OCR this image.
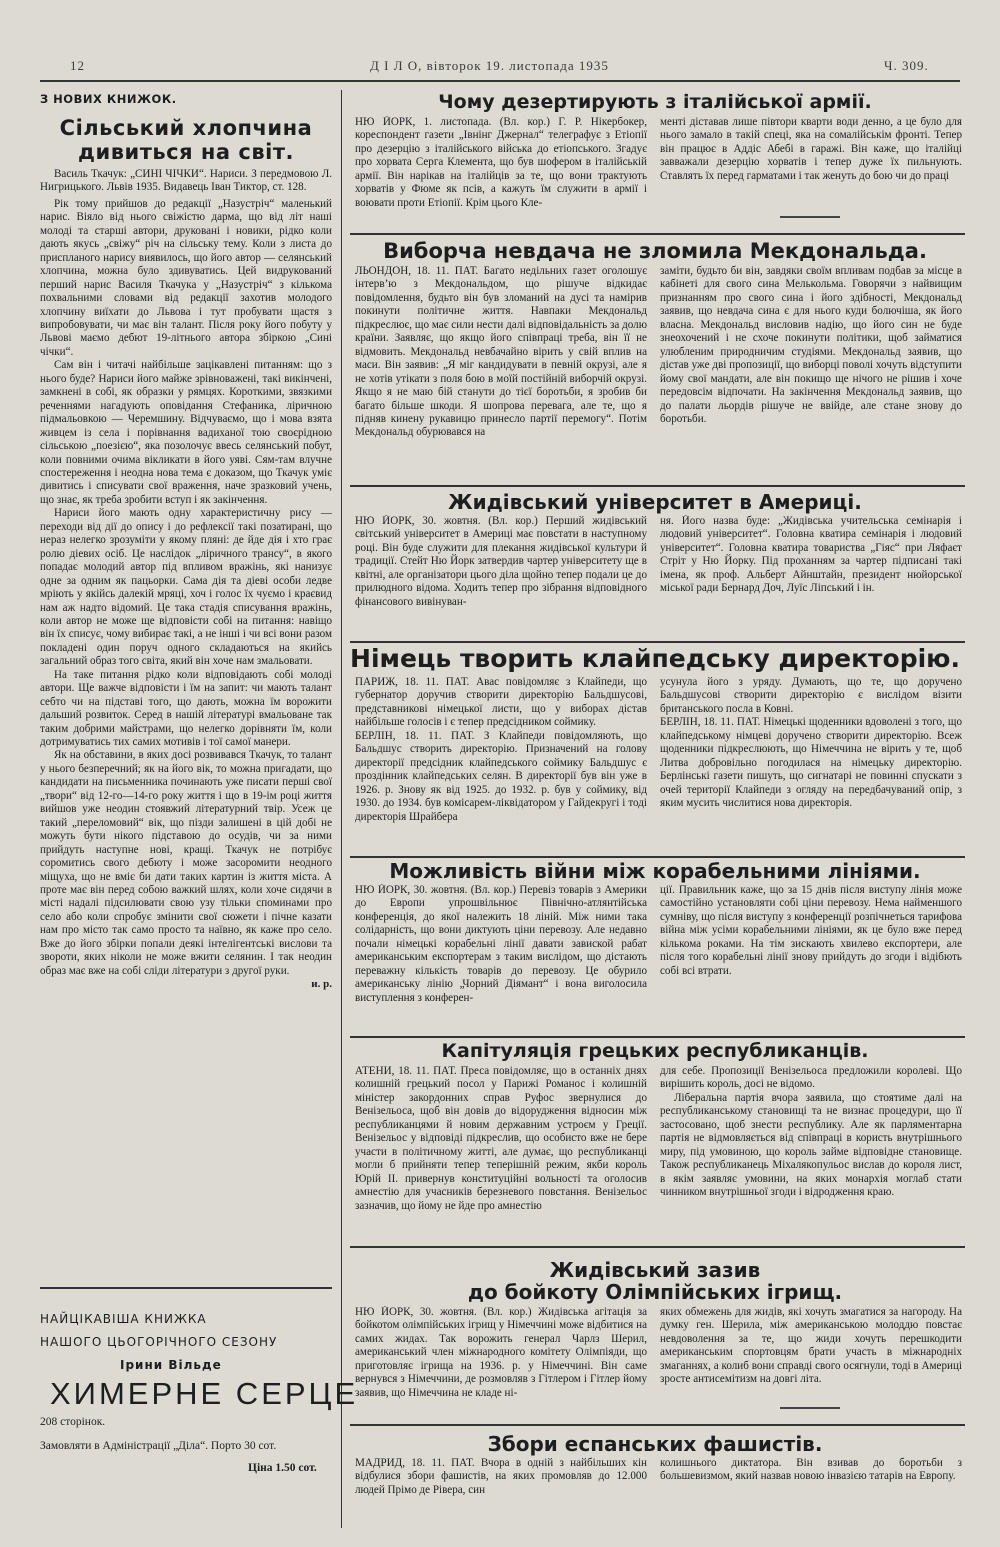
12	Д І Л О, вівторок 19. листопада 1935	Ч. 309.
З НОВИХ КНИЖОК.
Сільський хлопчина
дивиться на світ.

Василь Ткачук: „СИНІ ЧІЧКИ“. Нариси. З передмовою Л. Нигрицького. Львів 1935. Видавець Іван Тиктор, ст. 128.

Рік тому прийшов до редакції „Назустріч“ маленький нарис. Віяло від нього свіжістю дарма, що від літ наші молоді та старші автори, друковані і новики, рідко коли дають якусь „свіжу“ річ на сільську тему. Коли з листа до приспланого нарису виявилось, що його автор — селянський хлопчина, можна було здивуватись. Цей видрукований перший нарис Василя Ткачука у „Назустріч“ з кількома похвальними словами від редакції захотив молодого хлопчину виїхати до Львова і тут пробувати щастя з випробовувати, чи має він талант. Після року його побуту у Львові маємо дебют 19-літнього автора збіркою „Сині чічки“.

Сам він і читачі найбільше зацікавлені питанням: що з нього буде? Нариси його майже зрівноважені, такі викінчені, замкнені в собі, як образки у рямцях. Короткими, звязкими реченнями нагадують оповідання Стефаника, ліричною підмальовкою — Черемшину. Відчуваємо, що і мова взята живцем із села і порівнання вадиханої тою своєрідною сільською „поезією“, яка позолочує ввесь селянський побут, коли повними очима вікликати в його уяві. Сям-там влучне спостереження і неодна нова тема є доказом, що Ткачук уміє дивитись і списувати свої враження, наче зразковий учень, що знає, як треба зробити вступ і як закінчення.

Нариси його мають одну характеристичну рису — переходи від дії до опису і до рефлексії такі позатирані, що нераз нелегко зрозуміти у якому пляні: де йде дія і хто грає ролю діевих осіб. Це наслідок „ліричного трансу“, в якого попадає молодий автор під впливом вражінь, які нанизує одне за одним як пацьорки. Сама дія та діеві особи ледве мріють у якійсь далекій мряці, хоч і голос їх чуємо і краєвид нам аж надто відомий. Це така стадія списування вражінь, коли автор не може ще відповісти собі на питання: навіщо він їх списує, чому вибирає такі, а не інші і чи всі вони разом покладені один поруч одного складаються на якийсь загальний образ того світа, який він хоче нам змальовати.

На таке питання рідко коли відповідають собі молоді автори. Ще важче відповісти і їм на запит: чи мають талант себто чи на підставі того, що дають, можна їм ворожити дальший розвиток. Серед в нашій літературі вмальоване так таким добрими майстрами, що нелегко дорівняти їм, коли дотримуватись тих самих мотивів і тої самої манери.

Як на обставини, в яких досі розвивався Ткачук, то талант у нього безперечний; як на його вік, то можна пригадати, що кандидати на письменника починають уже писати перші свої „твори“ від 12-го—14-го року життя і що в 19-ім році життя вийшов уже неодин стоявжий літературний твір. Усеж це такий „переломовий“ вік, що пізди залишені в цій добі не можуть бути нікого підставою до осудів, чи за ними прийдуть наступне нові, кращі. Ткачук не потрібує соромитись свого дебюту і може засоромити неодного міщуха, що не вміє би дати таких картин із життя міста. А проте має він перед собою важкий шлях, коли хоче сидячи в місті надалі підсилювати свою узу тільки споминами про село або коли спробує змінити свої сюжети і пічне казати нам про місто так само просто та наївно, як каже про село. Вже до його збірки попали деякі інтелігентські вислови та звороти, яких ніколи не може вжити селянин. І так неодин образ має вже на собі сліди літератури з другої руки.

и. р.

НАЙЦІКАВІША КНИЖКА
НАШОГО ЦЬОГОРІЧНОГО СЕЗОНУ
Ірини Вільде
ХИМЕРНЕ СЕРЦЕ
208 сторінок.
Замовляти в Адміністрації „Діла“. Порто 30 сот.
Ціна 1.50 сот.
Чому дезертирують з італійської армії.

НЮ ЙОРК, 1. листопада. (Вл. кор.) Г. Р. Нікербокер, кореспондент газети „Івнінг Джернал“ телеграфує з Етіопії про дезерцію з італійського війська до етіопського. Згадує про хорвата Серга Клемента, що був шофером в італійській армії. Він нарікав на італійців за те, що вони трактують хорватів у Фюме як псів, а кажуть їм служити в армії і воювати проти Етіопії. Крім цього Кле-

менті діставав лише півтори кварти води денно, а це було для нього замало в такій спеці, яка на сомалійськім фронті. Тепер він працює в Аддіс Абебі в гаражі. Він каже, що італійці завважали дезерцію хорватів і тепер дуже їх пильнують. Ставлять їх перед гарматами і так женуть до бою чи до праці

Виборча невдача не зломила Мекдональда.

ЛЬОНДОН, 18. 11. ПАТ. Багато недільних газет оголошує інтерв’ю з Мекдональдом, що рішуче відкидає повідомлення, будьто він був зломаний на дусі та намірив покинути політичне життя. Навпаки Мекдональд підкреслює, що має сили нести далі відповідальність за долю країни. Заявляє, що якщо його співпраці треба, він її не відмовить. Мекдональд невбачайно вірить у свій вплив на маси. Він заявив: „Я міг кандидувати в певній окрузі, але я не хотів утікати з поля бою в моїй постійній виборчій окрузі. Якщо я не маю бій станути до тієї боротьби, я зробив би багато більше шкоди. Я шопрова перевага, але те, що я підняв кинену рукавицю принесло партії перемогу“. Потім Мекдональд обурювався на

заміти, будьто би він, завдяки своїм впливам подбав за місце в кабінеті для свого сина Мелькольма. Говорячи з найвищим признанням про свого сина і його здібності, Мекдональд заявив, що невдача сина є для нього куди болючіша, як його власна. Мекдональд висловив надію, що його син не буде знеохочений і не схоче покинути політики, щоб займатися улюбленим природничим студіями. Мекдональд заявив, що дістав уже дві пропозиції, що виборці поволі хочуть відступити йому свої мандати, але він покищо ще нічого не рішив і хоче передовсім відпочати. На закінчення Мекдональд заявив, що до палати льордів рішуче не ввійде, але стане знову до боротьби.

Жидівський університет в Америці.

НЮ ЙОРК, 30. жовтня. (Вл. кор.) Перший жидівський світський університет в Америці має повстати в наступному році. Він буде служити для плекання жидівської культури й традиції. Стейт Ню Йорк затвердив чартер університету ще в квітні, але організатори цього діла щойно тепер подали це до прилюдного відома. Ходить тепер про зібрання відповідного фінансового вивінуван-

ня. Його назва буде: „Жидівська учительська семінарія і людовий університет“. Головна кватира семінарія і людовий університет“. Головна кватира товариства „Гіяс“ при Ляфаєт Стріт у Ню Йорку. Під проханням за чартер підписані такі імена, як проф. Альберт Айнштайн, президент нюйорської міської ради Бернард Доч, Луїс Ліпський і ін.

Німець творить клайпедську директорію.

ПАРИЖ, 18. 11. ПАТ. Авас повідомляє з Клайпеди, що губернатор доручив створити директорію Бальдшусові, представникові німецької листи, що у виборах дістав найбільше голосів і є тепер предсідником соймику.

БЕРЛІН, 18. 11. ПАТ. З Клайпеди повідомляють, що Бальдшус створить директорію. Призначений на голову директорії предсідник клайпедського соймику Бальдшус є проздінник клайпедських селян. В директорії був він уже в 1926. р. Знову як від 1925. до 1932. р. був у соймику, від 1930. до 1934. був комісарем-ліквідатором у Гайдекругі і тоді директорія Шрайбера

усунула його з уряду. Думають, що те, що доручено Бальдшусові створити директорію є вислідом візити британського посла в Ковні.

БЕРЛІН, 18. 11. ПАТ. Німецькі щоденники вдоволені з того, що клайпедському німцеві доручено створити директорію. Всеж щоденники підкреслюють, що Німеччина не вірить у те, щоб Литва добровільно погодилася на німецьку директорію. Берлінські газети пишуть, що сигнатарі не повинні спускати з очей території Клайпеди з огляду на передбачуваний опір, з яким мусить числитися нова директорія.

Можливість війни між корабельними лініями.

НЮ ЙОРК, 30. жовтня. (Вл. кор.) Перевіз товарів з Америки до Европи упрошвільнює Північно-атлянтійська конференція, до якої належить 18 ліній. Між ними така солідарність, що вони диктують ціни перевозу. Але недавно почали німецькі корабельні лінії давати завиской рабат американським експортерам з таким вислідом, що дістають переважну кількість товарів до перевозу. Це обурило американську лінію „Чорний Діямант“ і вона виголосила виступлення з конферен-

ції. Правильник каже, що за 15 днів після виступу лінія може самостійно установляти собі ціни перевозу. Нема найменшого сумніву, що після виступу з конференції розпічнеться тарифова війна між усіми корабельними лініями, як це було вже перед кількома роками. На тім зискають хвилево експортери, але після того корабельні лінії знову прийдуть до згоди і відібють собі всі втрати.

Капітуляція грецьких республиканців.

АТЕНИ, 18. 11. ПАТ. Преса повідомляє, що в останніх днях колишній грецький посол у Парижі Романос і колишній міністер закордонних справ Руфос звернулися до Венізельоса, щоб він довів до відорудження відносин між республиканцями й новим державним устроєм у Греції. Венізельос у відповіді підкреслив, що особисто вже не бере участи в політичному житті, але думає, що республиканці могли б прийняти тепер теперішній режим, якби король Юрій II. привернув конституційні вольності та оголосив амнестію для учасників березневого повстання. Венізельос зазначив, що йому не йде про амнестію

для себе. Пропозиції Венізельоса предложили королеві. Що вирішить король, досі не відомо.

Ліберальна партія вчора заявила, що стоятиме далі на республиканському становищі та не визнає процедури, що її застосовано, щоб знести республику. Але як парляментарна партія не відмовляється від співпраці в користь внутрішнього миру, під умовиною, що король займе відповідне становище. Також республиканець Міхалякопульос вислав до короля лист, в якім заявляє умовини, на яких монархія моглаб стати чинником внутрішньої згоди і відродження краю.

Жидівський зазив
до бойкоту Олімпійських ігрищ.

НЮ ЙОРК, 30. жовтня. (Вл. кор.) Жидівська агітація за бойкотом олімпійських ігрищ у Німеччині може відбитися на самих жидах. Так ворожить генерал Чарлз Шерил, американський член міжнародного комітету Олімпіяди, що приготовляє ігрища на 1936. р. у Німеччині. Він саме вернувся з Німеччини, де розмовляв з Гітлером і Гітлер йому заявив, що Німеччина не кладе ні-

яких обмежень для жидів, які хочуть змагатися за нагороду. На думку ген. Шерила, між американською молоддю повстає невдоволення за те, що жиди хочуть перешкодити американським спортовцям брати участь в міжнародніх змаганнях, а колиб вони справді свого осягнули, тоді в Америці зросте антисемітизм на довгі літа.

Збори еспанських фашистів.

МАДРИД, 18. 11. ПАТ. Вчора в одній з найбільших кін відбулися збори фашистів, на яких промовляв до 12.000 людей Прімо де Рівера, син

колишнього диктатора. Він взивав до боротьби з большевизмом, який назвав новою інвазією татарів на Европу.
